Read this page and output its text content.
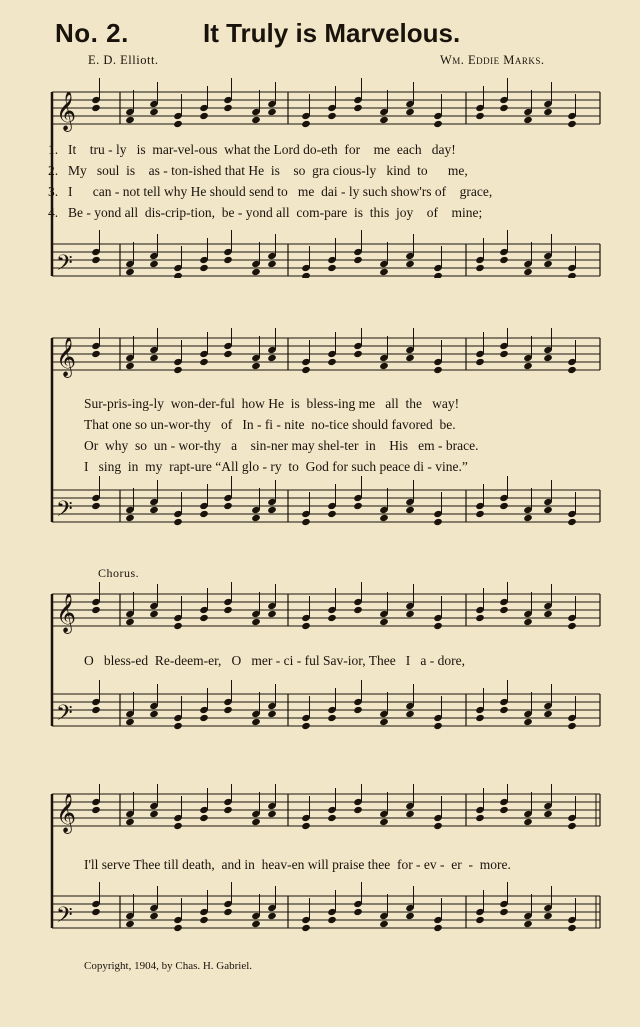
No. 2.	It Truly is Marvelous.
E. D. Elliott.	Wm. Eddie Marks.
𝄞
𝄢
1. It    tru - ly   is  mar-vel-ous  what the Lord do-eth  for    me  each   day!
2. My   soul  is    as - ton-ished that He  is    so  gra cious-ly   kind  to      me,
3. I      can - not tell why He should send to   me  dai - ly such show'rs of    grace,
4. Be - yond all  dis-crip-tion,  be - yond all  com-pare  is  this  joy    of    mine;
𝄞
𝄢
Sur-pris-ing-ly  won-der-ful  how He  is  bless-ing me   all  the   way!
That one so un-wor-thy   of   In - fi - nite  no-tice should favored  be.
Or  why  so  un - wor-thy   a    sin-ner may shel-ter  in    His   em - brace.
I   sing  in  my  rapt-ure “All glo - ry  to  God for such peace di - vine.”
Chorus.
𝄞
𝄢
O   bless-ed  Re-deem-er,   O   mer - ci - ful Sav-ior, Thee   I   a - dore,
𝄞
𝄢
I'll serve Thee till death,  and in  heav-en will praise thee  for - ev -  er  -  more.
Copyright, 1904, by Chas. H. Gabriel.
